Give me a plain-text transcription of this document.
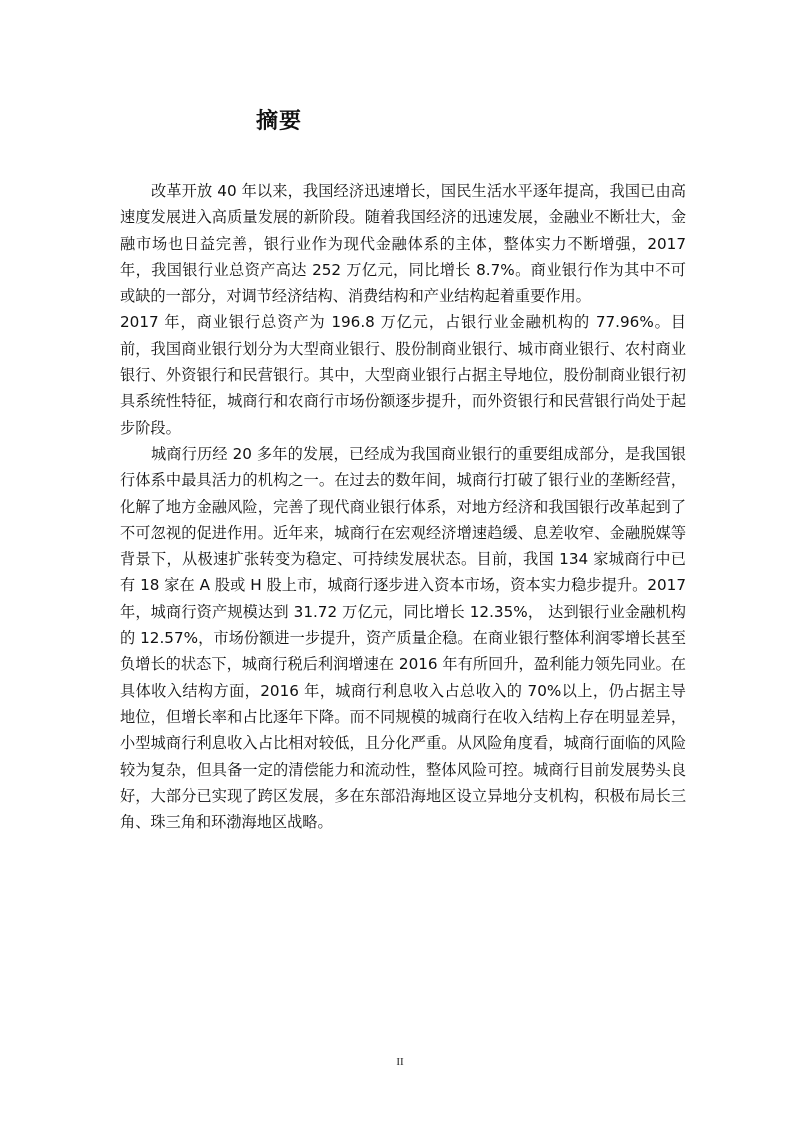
摘要

改革开放 40 年以来，我国经济迅速增长，国民生活水平逐年提高，我国已由高速度发展进入高质量发展的新阶段。随着我国经济的迅速发展，金融业不断壮大，金融市场也日益完善，银行业作为现代金融体系的主体，整体实力不断增强，2017 年，我国银行业总资产高达 252 万亿元，同比增长 8.7%。商业银行作为其中不可或缺的一部分，对调节经济结构、消费结构和产业结构起着重要作用。

2017 年，商业银行总资产为 196.8 万亿元，占银行业金融机构的 77.96%。目前，我国商业银行划分为大型商业银行、股份制商业银行、城市商业银行、农村商业银行、外资银行和民营银行。其中，大型商业银行占据主导地位，股份制商业银行初具系统性特征，城商行和农商行市场份额逐步提升，而外资银行和民营银行尚处于起步阶段。

城商行历经 20 多年的发展，已经成为我国商业银行的重要组成部分，是我国银行体系中最具活力的机构之一。在过去的数年间，城商行打破了银行业的垄断经营，化解了地方金融风险，完善了现代商业银行体系，对地方经济和我国银行改革起到了不可忽视的促进作用。近年来，城商行在宏观经济增速趋缓、息差收窄、金融脱媒等背景下，从极速扩张转变为稳定、可持续发展状态。目前，我国 134 家城商行中已有 18 家在 A 股或 H 股上市，城商行逐步进入资本市场，资本实力稳步提升。2017 年，城商行资产规模达到 31.72 万亿元，同比增长 12.35%， 达到银行业金融机构的 12.57%，市场份额进一步提升，资产质量企稳。在商业银行整体利润零增长甚至负增长的状态下，城商行税后利润增速在 2016 年有所回升，盈利能力领先同业。在具体收入结构方面，2016 年，城商行利息收入占总收入的 70%以上，仍占据主导地位，但增长率和占比逐年下降。而不同规模的城商行在收入结构上存在明显差异，小型城商行利息收入占比相对较低，且分化严重。从风险角度看，城商行面临的风险较为复杂，但具备一定的清偿能力和流动性，整体风险可控。城商行目前发展势头良好，大部分已实现了跨区发展，多在东部沿海地区设立异地分支机构，积极布局长三角、珠三角和环渤海地区战略。

II
